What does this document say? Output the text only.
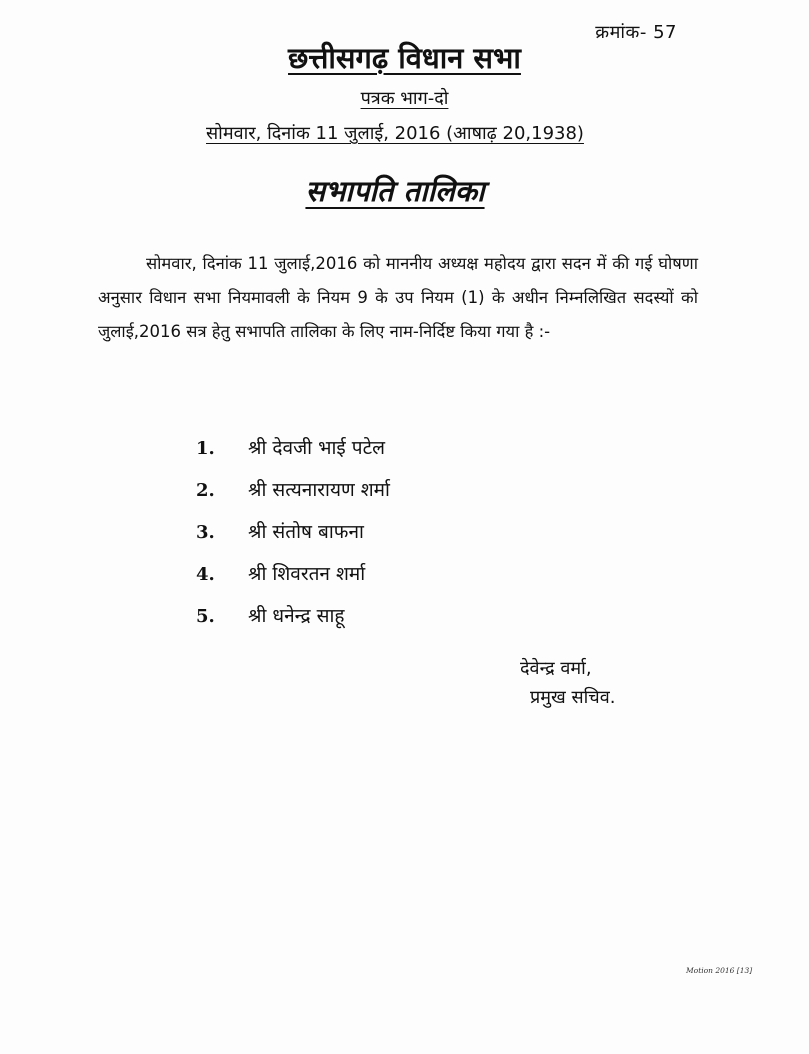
क्रमांक- 57
छत्तीसगढ़ विधान सभा
पत्रक भाग-दो
सोमवार, दिनांक 11 जुलाई, 2016 (आषाढ़ 20,1938)
सभापति तालिका

सोमवार, दिनांक 11 जुलाई,2016 को माननीय अध्यक्ष महोदय द्वारा सदन में की गई घोषणा अनुसार विधान सभा नियमावली के नियम 9 के उप नियम (1) के अधीन निम्नलिखित सदस्यों को जुलाई,2016 सत्र हेतु सभापति तालिका के लिए नाम-निर्दिष्ट किया गया है :-

1.	श्री देवजी भाई पटेल
2.	श्री सत्यनारायण शर्मा
3.	श्री संतोष बाफना
4.	श्री शिवरतन शर्मा
5.	श्री धनेन्द्र साहू
देवेन्द्र वर्मा,
प्रमुख सचिव.
Motion 2016 [13]
